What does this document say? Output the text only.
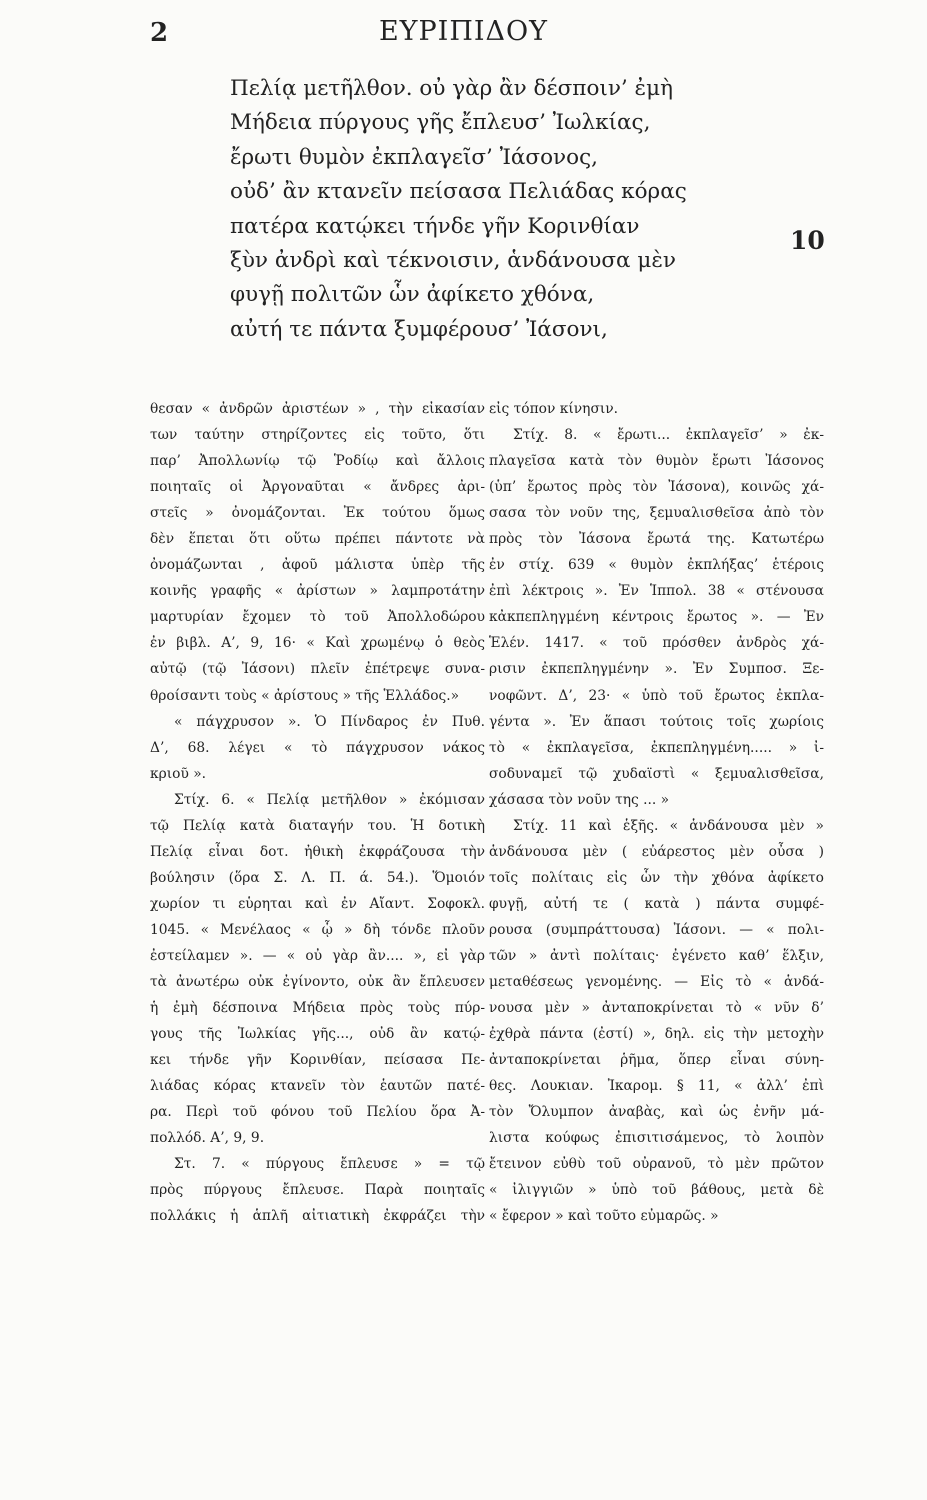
2	ΕΥΡΙΠΙΔΟΥ
Πελίᾳ μετῆλθον. οὐ γὰρ ἂν δέσποιν’ ἐμὴ
Μήδεια πύργους γῆς ἔπλευσ’ Ἰωλκίας,
ἔρωτι θυμὸν ἐκπλαγεῖσ’ Ἰάσονος,
οὐδ’ ἂν κτανεῖν πείσασα Πελιάδας κόρας
πατέρα κατῴκει τήνδε γῆν Κορινθίαν
ξὺν ἀνδρὶ καὶ τέκνοισιν, ἁνδάνουσα μὲν
φυγῇ πολιτῶν ὧν ἀφίκετο χθόνα,
αὐτή τε πάντα ξυμφέρουσ’ Ἰάσονι,
10
θεσαν « ἀνδρῶν ἀριστέων » , τὴν εἰκασίαν
των ταύτην στηρίζοντες εἰς τοῦτο, ὅτι
παρ’ Ἀπολλωνίῳ τῷ Ῥοδίῳ καὶ ἄλλοις
ποιηταῖς οἱ Ἀργοναῦται « ἄνδρες ἀρι-
στεῖς » ὀνομάζονται. Ἐκ τούτου ὅμως
δὲν ἕπεται ὅτι οὕτω πρέπει πάντοτε νὰ
ὀνομάζωνται , ἀφοῦ μάλιστα ὑπὲρ τῆς
κοινῆς γραφῆς « ἀρίστων » λαμπροτάτην
μαρτυρίαν ἔχομεν τὸ τοῦ Ἀπολλοδώρου
ἐν βιβλ. Α’, 9, 16· « Καὶ χρωμένῳ ὁ θεὸς
αὐτῷ (τῷ Ἰάσονι) πλεῖν ἐπέτρεψε συνα-
θροίσαντι τοὺς « ἀρίστους » τῆς Ἑλλάδος.»
« πάγχρυσον ». Ὁ Πίνδαρος ἐν Πυθ.
Δ’, 68. λέγει « τὸ πάγχρυσον νάκος
κριοῦ ».
Στίχ. 6. « Πελίᾳ μετῆλθον » ἐκόμισαν
τῷ Πελίᾳ κατὰ διαταγήν του. Ἡ δοτικὴ
Πελίᾳ εἶναι δοτ. ἠθικὴ ἐκφράζουσα τὴν
βούλησιν (ὅρα Σ. Λ. Π. ά. 54.). Ὅμοιόν
χωρίον τι εὑρηται καὶ ἐν Αἴαντ. Σοφοκλ.
1045. « Μενέλαος « ᾧ » δὴ τόνδε πλοῦν
ἐστείλαμεν ». — « οὐ γὰρ ἂν.... », εἰ γὰρ
τὰ ἀνωτέρω οὐκ ἐγίνοντο, οὐκ ἂν ἔπλευσεν
ἡ ἐμὴ δέσποινα Μήδεια πρὸς τοὺς πύρ-
γους τῆς Ἰωλκίας γῆς..., οὐδ ἂν κατῴ-
κει τήνδε γῆν Κορινθίαν, πείσασα Πε-
λιάδας κόρας κτανεῖν τὸν ἑαυτῶν πατέ-
ρα. Περὶ τοῦ φόνου τοῦ Πελίου ὅρα Ἀ-
πολλόδ. Α’, 9, 9.
Στ. 7. « πύργους ἔπλευσε » = τῷ
πρὸς πύργους ἔπλευσε. Παρὰ ποιηταῖς
πολλάκις ἡ ἁπλῆ αἰτιατικὴ ἐκφράζει τὴν
εἰς τόπον κίνησιν.
Στίχ. 8. « ἔρωτι... ἐκπλαγεῖσ’ » ἐκ-
πλαγεῖσα κατὰ τὸν θυμὸν ἔρωτι Ἰάσονος
(ὑπ’ ἔρωτος πρὸς τὸν Ἰάσονα), κοινῶς χά-
σασα τὸν νοῦν της, ξεμυαλισθεῖσα ἀπὸ τὸν
πρὸς τὸν Ἰάσονα ἔρωτά της. Κατωτέρω
ἐν στίχ. 639 « θυμὸν ἐκπλήξας’ ἑτέροις
ἐπὶ λέκτροις ». Ἐν Ἱππολ. 38 « στένουσα
κἀκπεπληγμένη κέντροις ἔρωτος ». — Ἐν
Ἑλέν. 1417. « τοῦ πρόσθεν ἀνδρὸς χά-
ρισιν ἐκπεπληγμένην ». Ἐν Συμποσ. Ξε-
νοφῶντ. Δ’, 23· « ὑπὸ τοῦ ἔρωτος ἐκπλα-
γέντα ». Ἐν ἅπασι τούτοις τοῖς χωρίοις
τὸ « ἐκπλαγεῖσα, ἐκπεπληγμένη..... » ἰ-
σοδυναμεῖ τῷ χυδαϊστὶ « ξεμυαλισθεῖσα,
χάσασα τὸν νοῦν της ... »
Στίχ. 11 καὶ ἑξῆς. « ἁνδάνουσα μὲν »
ἁνδάνουσα μὲν ( εὐάρεστος μὲν οὖσα )
τοῖς πολίταις εἰς ὧν τὴν χθόνα ἀφίκετο
φυγῇ, αὐτή τε ( κατὰ ) πάντα συμφέ-
ρουσα (συμπράττουσα) Ἰάσονι. — « πολι-
τῶν » ἀντὶ πολίταις· ἐγένετο καθ’ ἕλξιν,
μεταθέσεως γενομένης. — Εἰς τὸ « ἁνδά-
νουσα μὲν » ἀνταποκρίνεται τὸ « νῦν δ’
ἐχθρὰ πάντα (ἐστί) », δηλ. εἰς τὴν μετοχὴν
ἀνταποκρίνεται ῥῆμα, ὅπερ εἶναι σύνη-
θες. Λουκιαν. Ἰκαρομ. § 11, « ἀλλ’ ἐπὶ
τὸν Ὄλυμπον ἀναβὰς, καὶ ὡς ἐνῆν μά-
λιστα κούφως ἐπισιτισάμενος, τὸ λοιπὸν
ἔτεινον εὐθὺ τοῦ οὐρανοῦ, τὸ μὲν πρῶτον
« ἰλιγγιῶν » ὑπὸ τοῦ βάθους, μετὰ δὲ
« ἔφερον » καὶ τοῦτο εὐμαρῶς. »
